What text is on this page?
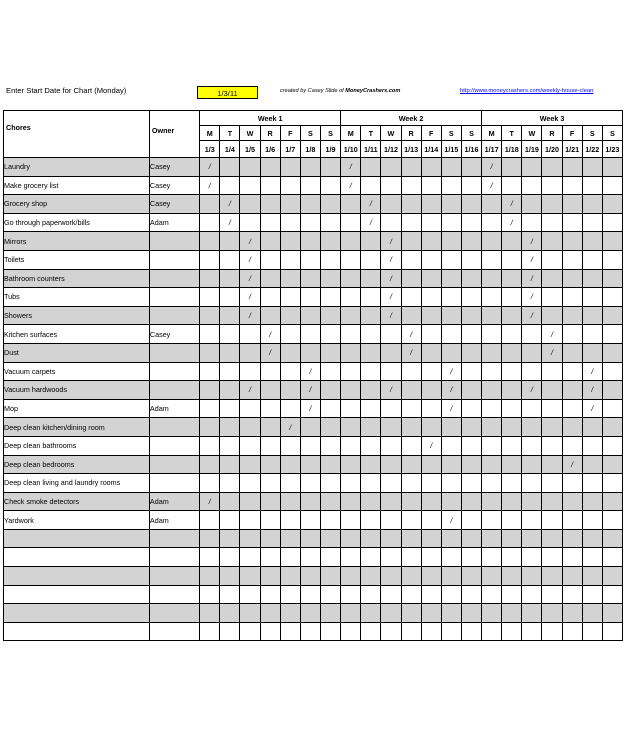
Enter Start Date for Chart (Monday)	1/3/11	created by Casey Slide of MoneyCrashers.com	http://www.moneycrashers.com/weekly-house-clean
Chores	Owner	Week 1							Week 2							Week 3						
		M	T	W	R	F	S	S	M	T	W	R	F	S	S	M	T	W	R	F	S	S
		1/3	1/4	1/5	1/6	1/7	1/8	1/9	1/10	1/11	1/12	1/13	1/14	1/15	1/16	1/17	1/18	1/19	1/20	1/21	1/22	1/23
Laundry	Casey	/							/							/						
Make grocery list	Casey	/							/							/						
Grocery shop	Casey		/							/							/					
Go through paperwork/bills	Adam		/							/							/					
Mirrors				/							/							/				
Toilets				/							/							/				
Bathroom counters				/							/							/				
Tubs				/							/							/				
Showers				/							/							/				
Kitchen surfaces	Casey				/							/							/			
Dust					/							/							/			
Vacuum carpets							/							/							/	
Vacuum hardwoods				/			/				/			/				/			/	
Mop	Adam						/							/							/	
Deep clean kitchen/dining room						/																
Deep clean bathrooms													/									
Deep clean bedrooms																				/		
Deep clean living and laundry rooms																						
Check smoke detectors	Adam	/																				
Yardwork	Adam													/								
